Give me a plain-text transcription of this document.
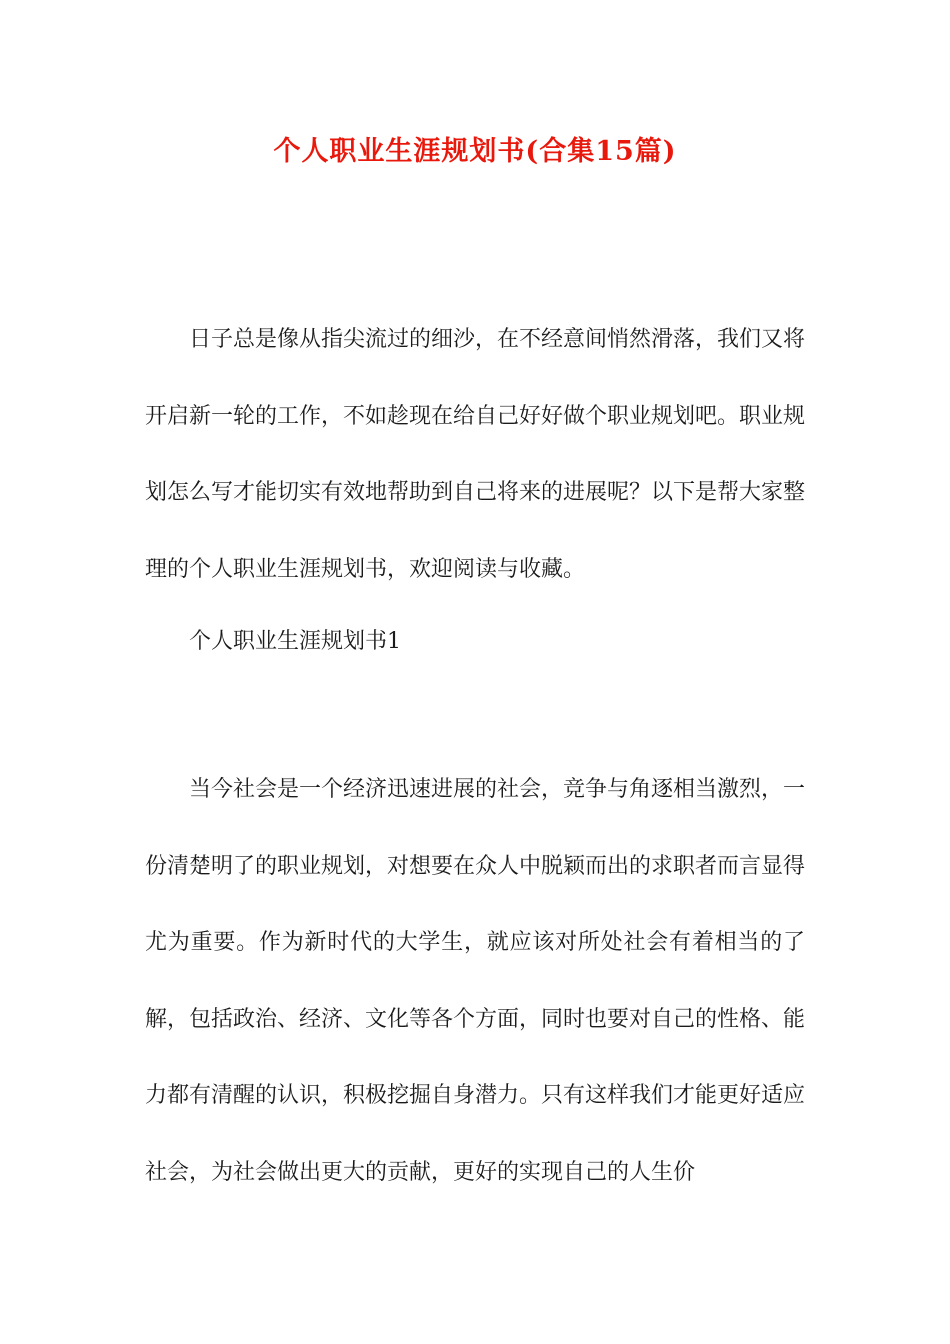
个人职业生涯规划书(合集15篇)

日子总是像从指尖流过的细沙，在不经意间悄然滑落，我们又将开启新一轮的工作，不如趁现在给自己好好做个职业规划吧。职业规划怎么写才能切实有效地帮助到自己将来的进展呢？以下是帮大家整理的个人职业生涯规划书，欢迎阅读与收藏。

个人职业生涯规划书1

当今社会是一个经济迅速进展的社会，竞争与角逐相当激烈，一份清楚明了的职业规划，对想要在众人中脱颖而出的求职者而言显得尤为重要。作为新时代的大学生，就应该对所处社会有着相当的了解，包括政治、经济、文化等各个方面，同时也要对自己的性格、能力都有清醒的认识，积极挖掘自身潜力。只有这样我们才能更好适应社会，为社会做出更大的贡献，更好的实现自己的人生价
